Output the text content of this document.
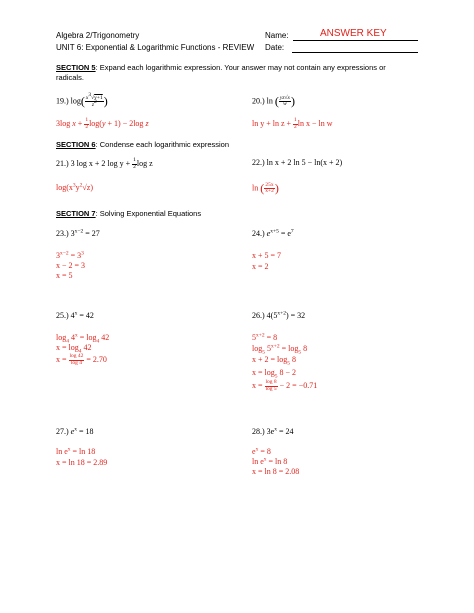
Algebra 2/Trigonometry
UNIT 6: Exponential & Logarithmic Functions - REVIEW
Name:	ANSWER KEY
Date:
SECTION 5: Expand each logarithmic expression. Your answer may not contain any expressions or
radicals.
19.) $\log( \frac{x^3√y+1}{z^2}$ )
3log $x + \frac{1}{2} \log(y + 1) - 2\log$ z
20.) ln ( $\frac{yz√x}{w}$ )
$\ln y + \ln z + \frac{1}{2}$ ln x − ln w
SECTION 6: Condense each logarithmic expression
21.) 3 log x + 2 $\log y + \frac{1}{2}$ log z
$\log(x^3y^2√z)$
22.) ln x + 2 ln 5 − ln(x + 2)
ln ( $\frac{25x}{x+2}$ )
SECTION 7: Solving Exponential Equations
23.) $3^{x-2} = 27$
$3^{x-2} = 3^3$
x − 2 = 3
x = 5
24.) $e^{x+5} = e^7$
x + 5 = 7
x = 2
25.) $4^x = 42$
$\log_4 4^x = \log_4 42$
$x = \log_4 42$
$x = \frac{\log 42}{\log 4} = 2.70$
26.) $4(5^{x+2}) = 32$
$5^{x+2} = 8$
$\log_5 5^{x+2} = \log_5 8$
$x + 2 = \log_5 8$
$x = \log_5 8 - 2$
$x = \frac{\log 8}{\log 5} - 2 = -0.71$
27.) $e^x = 18$
$\ln e^x = \ln 18$
x = ln 18 = 2.89
28.) $3e^x = 24$
$e^x = 8$
$\ln e^x = \ln 8$
x = ln 8 = 2.08
